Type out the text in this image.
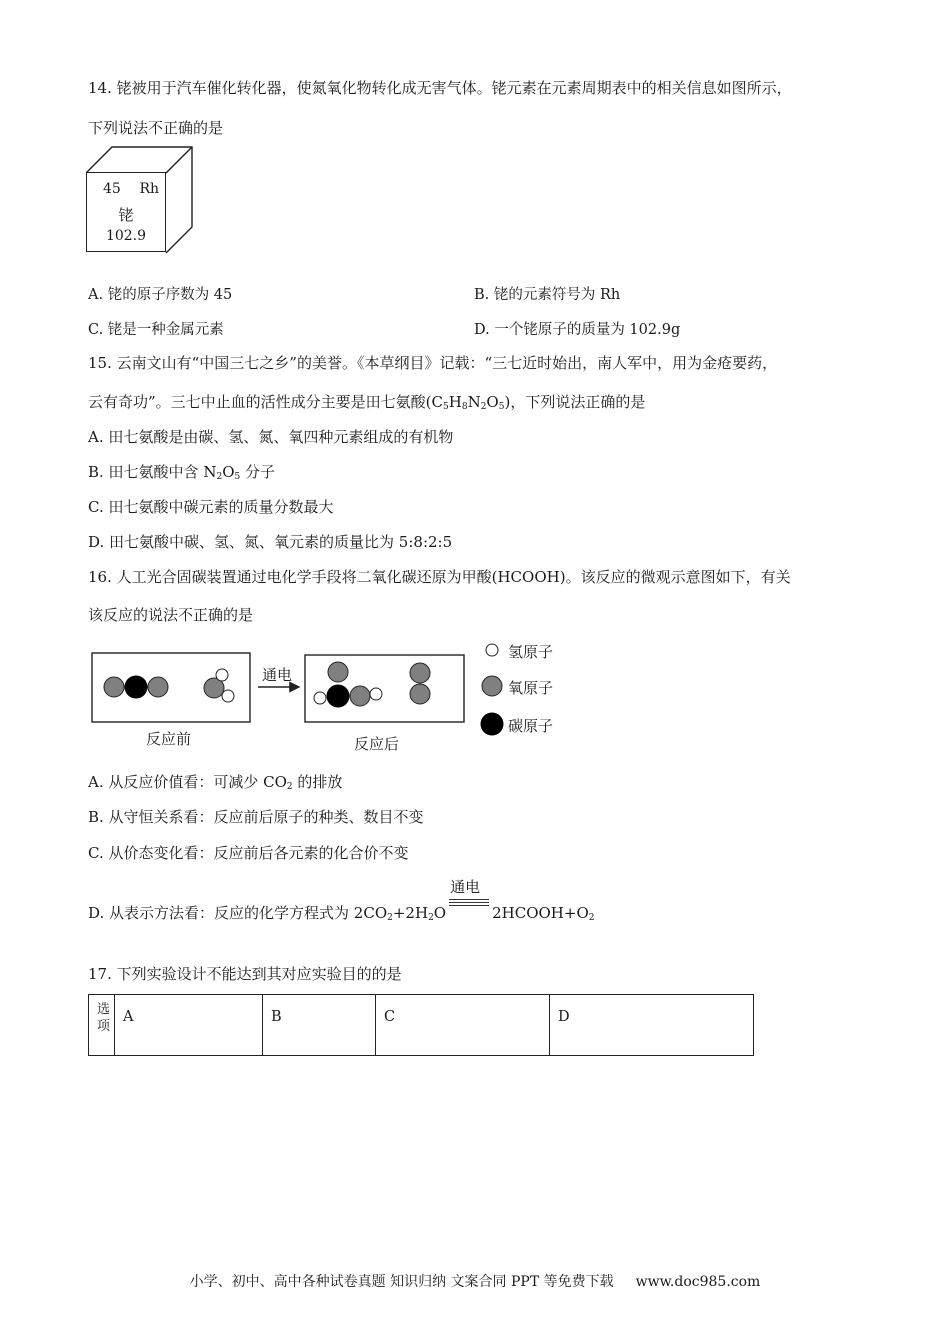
14. 铑被用于汽车催化转化器，使氮氧化物转化成无害气体。铑元素在元素周期表中的相关信息如图所示，
下列说法不正确的是
45 Rh
铑
102.9
A. 铑的原子序数为 45	B. 铑的元素符号为 Rh
C. 铑是一种金属元素	D. 一个铑原子的质量为 102.9g
15. 云南文山有“中国三七之乡”的美誉。《本草纲目》记载：“三七近时始出，南人军中，用为金疮要药，
云有奇功”。三七中止血的活性成分主要是田七氨酸$(C_5H_8N_2O_5)$，下列说法正确的是
A. 田七氨酸是由碳、氢、氮、氧四种元素组成的有机物
B. 田七氨酸中含 $N_2O_5$ 分子
C. 田七氨酸中碳元素的质量分数最大
D. 田七氨酸中碳、氢、氮、氧元素的质量比为 5:8:2:5
16. 人工光合固碳装置通过电化学手段将二氧化碳还原为甲酸(HCOOH)。该反应的微观示意图如下，有关
该反应的说法不正确的是
通电
反应前	反应后
氢原子
氧原子
碳原子
A. 从反应价值看：可减少 $CO_2$ 的排放
B. 从守恒关系看：反应前后原子的种类、数目不变
C. 从价态变化看：反应前后各元素的化合价不变
D. 从表示方法看：反应的化学方程式为 $2CO_2+2H_2O$
通电
$2HCOOH+O_2$
17. 下列实验设计不能达到其对应实验目的的是
选项	A	B	C	D
小学、初中、高中各种试卷真题 知识归纳 文案合同 PPT 等免费下载 www.doc985.com
